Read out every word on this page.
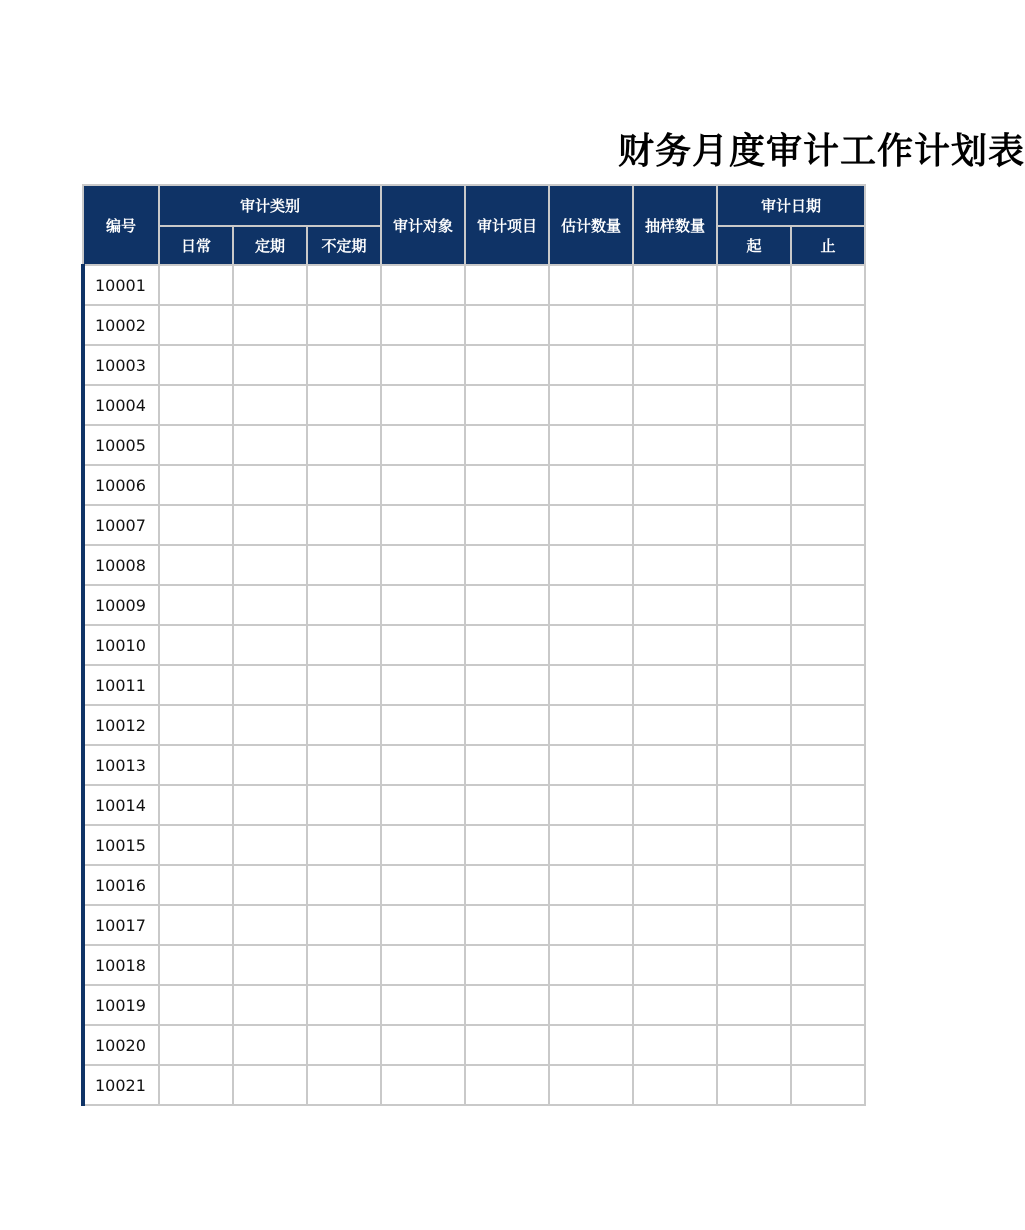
财务月度审计工作计划表
编号	审计类别			审计对象	审计项目	估计数量	抽样数量	审计日期	
	日常	定期	不定期					起	止
10001									
10002									
10003									
10004									
10005									
10006									
10007									
10008									
10009									
10010									
10011									
10012									
10013									
10014									
10015									
10016									
10017									
10018									
10019									
10020									
10021									
